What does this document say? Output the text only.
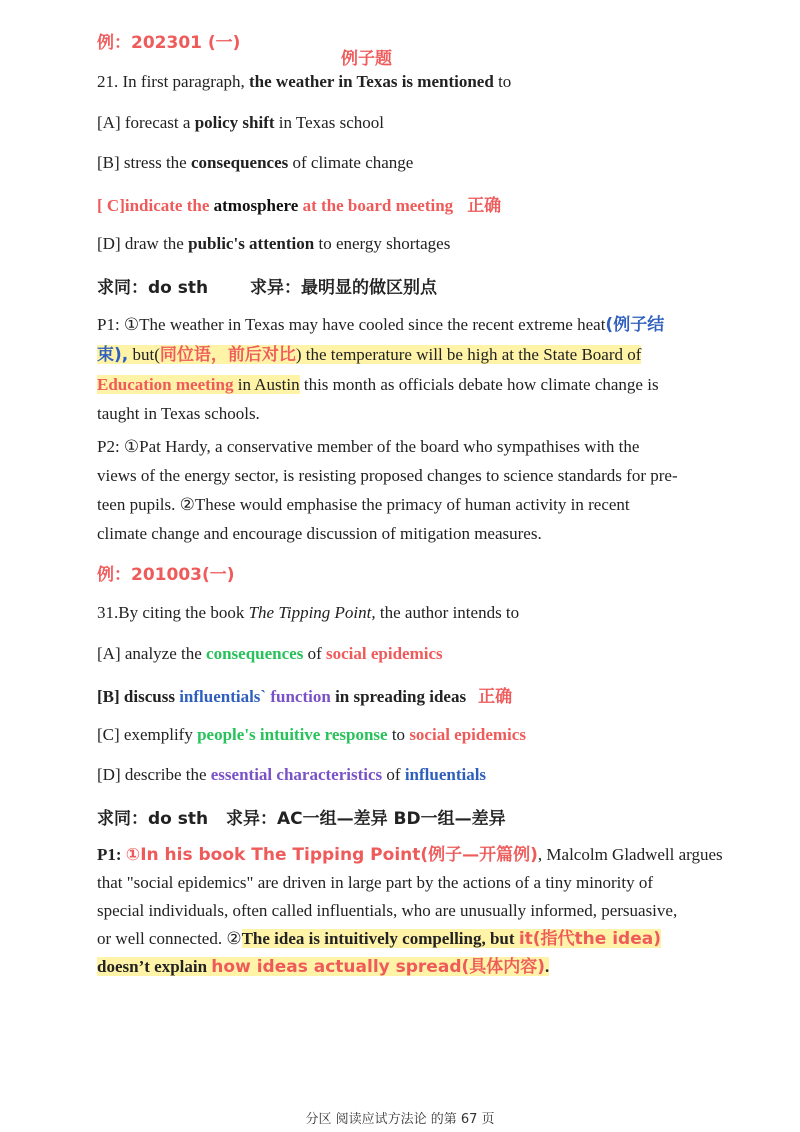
例：202301 (一)
例子题
21. In first paragraph, the weather in Texas is mentioned to
[A] forecast a policy shift in Texas school
[B] stress the consequences of climate change
[ C]indicate the atmosphere at the board meeting 正确
[D] draw the public's attention to energy shortages
求同：do sth 求异：最明显的做区别点
P1: ①The weather in Texas may have cooled since the recent extreme heat(例子结
束), but(同位语，前后对比) the temperature will be high at the State Board of
Education meeting in Austin this month as officials debate how climate change is
taught in Texas schools.
P2: ①Pat Hardy, a conservative member of the board who sympathises with the
views of the energy sector, is resisting proposed changes to science standards for pre-
teen pupils. ②These would emphasise the primacy of human activity in recent
climate change and encourage discussion of mitigation measures.
例：201003(一)
31.By citing the book The Tipping Point, the author intends to
[A] analyze the consequences of social epidemics
[B] discuss influentials` function in spreading ideas 正确
[C] exemplify people's intuitive response to social epidemics
[D] describe the essential characteristics of influentials
求同：do sth 求异：AC一组—差异 BD一组—差异
P1: ①In his book The Tipping Point(例子—开篇例), Malcolm Gladwell argues
that "social epidemics" are driven in large part by the actions of a tiny minority of
special individuals, often called influentials, who are unusually informed, persuasive,
or well connected. ②The idea is intuitively compelling, but it(指代the idea)
doesn’t explain how ideas actually spread(具体内容).
分区 阅读应试方法论 的第 67 页
